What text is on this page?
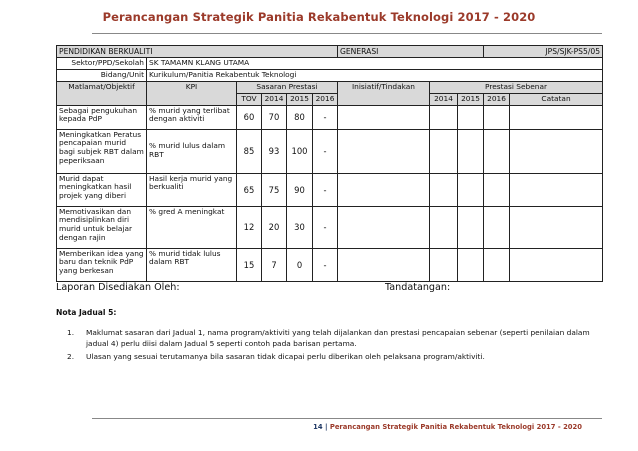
Perancangan Strategik Panitia Rekabentuk Teknologi 2017 - 2020
PENDIDIKAN BERKUALITI						GENERASI			JPS/SJK-PS5/05	
Sektor/PPD/Sekolah	SK TAMAMN KLANG UTAMA									
Bidang/Unit	Kurikulum/Panitia Rekabentuk Teknologi									
Matlamat/Objektif	KPI	Sasaran Prestasi				Inisiatif/Tindakan	Prestasi Sebenar			
		TOV	2014	2015	2016		2014	2015	2016	Catatan
Sebagai pengukuhan kepada PdP	% murid yang terlibat dengan aktiviti	60	70	80	-					
Meningkatkan Peratus pencapaian murid bagi subjek RBT dalam peperiksaan	% murid lulus dalam RBT	85	93	100	-					
Murid dapat meningkatkan hasil projek yang diberi	Hasil kerja murid yang berkualiti	65	75	90	-					
Memotivasikan dan mendisiplinkan diri murid untuk belajar dengan rajin	% gred A meningkat	12	20	30	-					
Memberikan idea yang baru dan teknik PdP yang berkesan	% murid tidak lulus dalam RBT	15	7	0	-					
Laporan Disediakan Oleh:	Tandatangan:
Nota Jadual 5:
1.	Maklumat sasaran dari Jadual 1, nama program/aktiviti yang telah dijalankan dan prestasi pencapaian sebenar (seperti penilaian dalam jadual 4) perlu diisi dalam Jadual 5 seperti contoh pada barisan pertama.
2.	Ulasan yang sesuai terutamanya bila sasaran tidak dicapai perlu diberikan oleh pelaksana program/aktiviti.
14 | Perancangan Strategik Panitia Rekabentuk Teknologi 2017 - 2020
